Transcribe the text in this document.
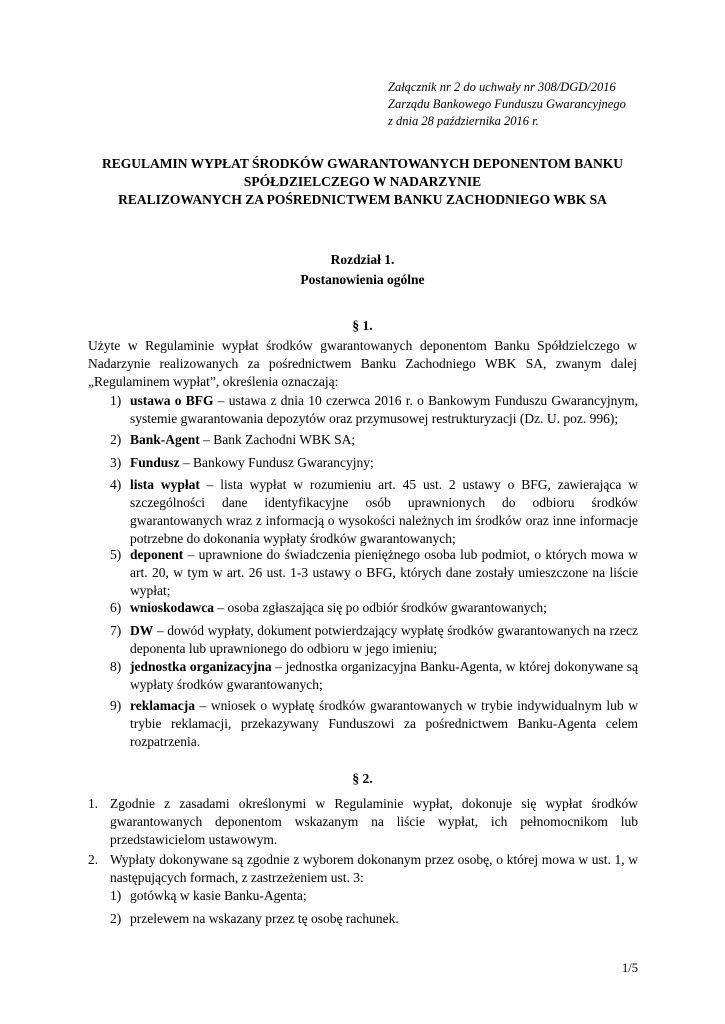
Załącznik nr 2 do uchwały nr 308/DGD/2016
Zarządu Bankowego Funduszu Gwarancyjnego
z dnia 28 października 2016 r.
REGULAMIN WYPŁAT ŚRODKÓW GWARANTOWANYCH DEPONENTOM BANKU
SPÓŁDZIELCZEGO W NADARZYNIE
REALIZOWANYCH ZA POŚREDNICTWEM BANKU ZACHODNIEGO WBK SA
Rozdział 1.
Postanowienia ogólne
§ 1.
Użyte w Regulaminie wypłat środków gwarantowanych deponentom Banku Spółdzielczego w Nadarzynie realizowanych za pośrednictwem Banku Zachodniego WBK SA, zwanym dalej „Regulaminem wypłat”, określenia oznaczają:
1) ustawa o BFG – ustawa z dnia 10 czerwca 2016 r. o Bankowym Funduszu Gwarancyjnym, systemie gwarantowania depozytów oraz przymusowej restrukturyzacji (Dz. U. poz. 996);
2) Bank-Agent – Bank Zachodni WBK SA;
3) Fundusz – Bankowy Fundusz Gwarancyjny;
4) lista wypłat – lista wypłat w rozumieniu art. 45 ust. 2 ustawy o BFG, zawierająca w szczególności dane identyfikacyjne osób uprawnionych do odbioru środków gwarantowanych wraz z informacją o wysokości należnych im środków oraz inne informacje potrzebne do dokonania wypłaty środków gwarantowanych;
5) deponent – uprawnione do świadczenia pieniężnego osoba lub podmiot, o których mowa w art. 20, w tym w art. 26 ust. 1-3 ustawy o BFG, których dane zostały umieszczone na liście wypłat;
6) wnioskodawca – osoba zgłaszająca się po odbiór środków gwarantowanych;
7) DW – dowód wypłaty, dokument potwierdzający wypłatę środków gwarantowanych na rzecz deponenta lub uprawnionego do odbioru w jego imieniu;
8) jednostka organizacyjna – jednostka organizacyjna Banku-Agenta, w której dokonywane są wypłaty środków gwarantowanych;
9) reklamacja – wniosek o wypłatę środków gwarantowanych w trybie indywidualnym lub w trybie reklamacji, przekazywany Funduszowi za pośrednictwem Banku-Agenta celem rozpatrzenia.
§ 2.
1. Zgodnie z zasadami określonymi w Regulaminie wypłat, dokonuje się wypłat środków gwarantowanych deponentom wskazanym na liście wypłat, ich pełnomocnikom lub przedstawicielom ustawowym.
2. Wypłaty dokonywane są zgodnie z wyborem dokonanym przez osobę, o której mowa w ust. 1, w następujących formach, z zastrzeżeniem ust. 3:
1) gotówką w kasie Banku-Agenta;
2) przelewem na wskazany przez tę osobę rachunek.
1/5
